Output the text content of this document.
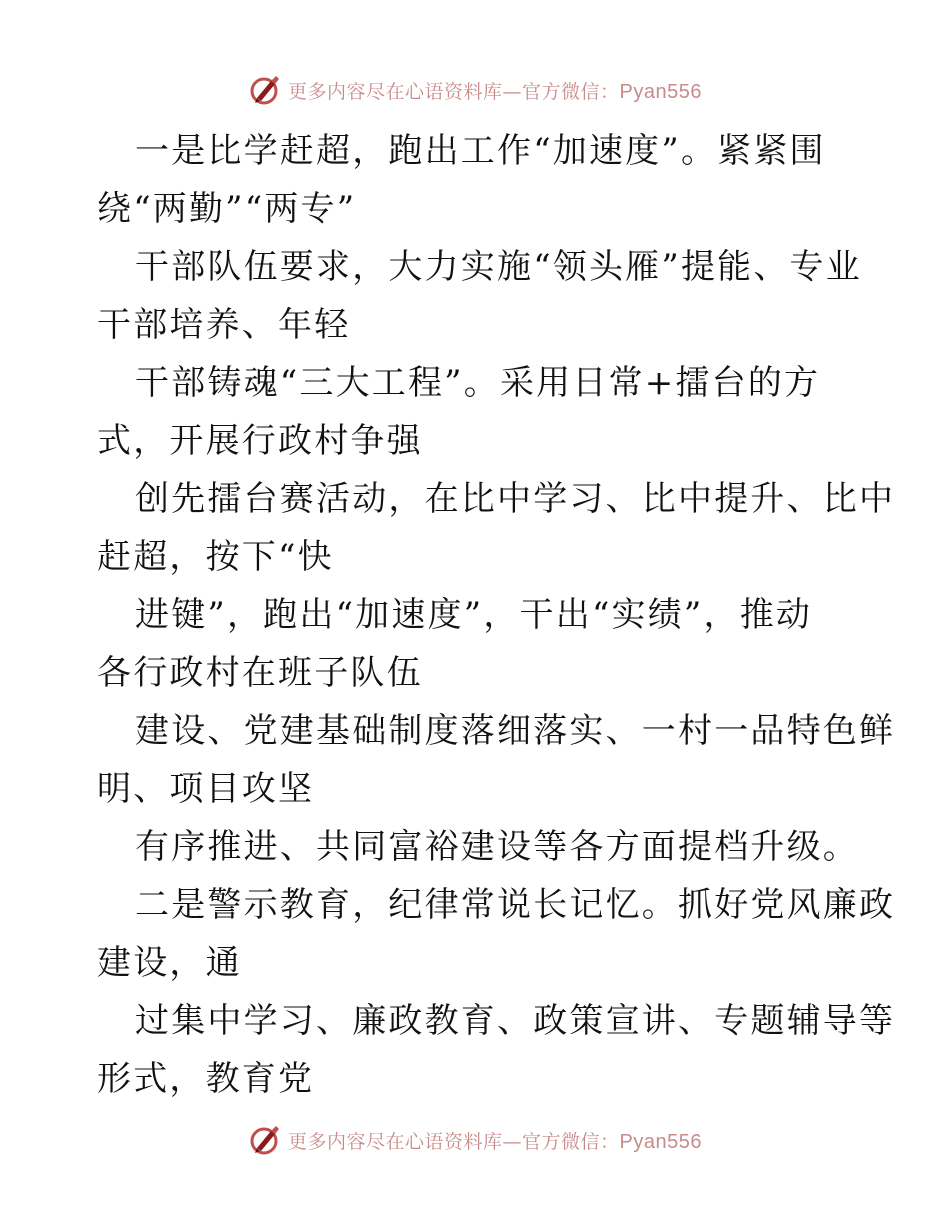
更多内容尽在心语资料库—官方微信：Pyan556
一是比学赶超，跑出工作“加速度”。紧紧围
绕“两勤”“两专”
干部队伍要求，大力实施“领头雁”提能、专业
干部培养、年轻
干部铸魂“三大工程”。采用日常+擂台的方
式，开展行政村争强
创先擂台赛活动，在比中学习、比中提升、比中
赶超，按下“快
进键”，跑出“加速度”，干出“实绩”，推动
各行政村在班子队伍
建设、党建基础制度落细落实、一村一品特色鲜
明、项目攻坚
有序推进、共同富裕建设等各方面提档升级。
二是警示教育，纪律常说长记忆。抓好党风廉政
建设，通
过集中学习、廉政教育、政策宣讲、专题辅导等
形式，教育党
更多内容尽在心语资料库—官方微信：Pyan556
